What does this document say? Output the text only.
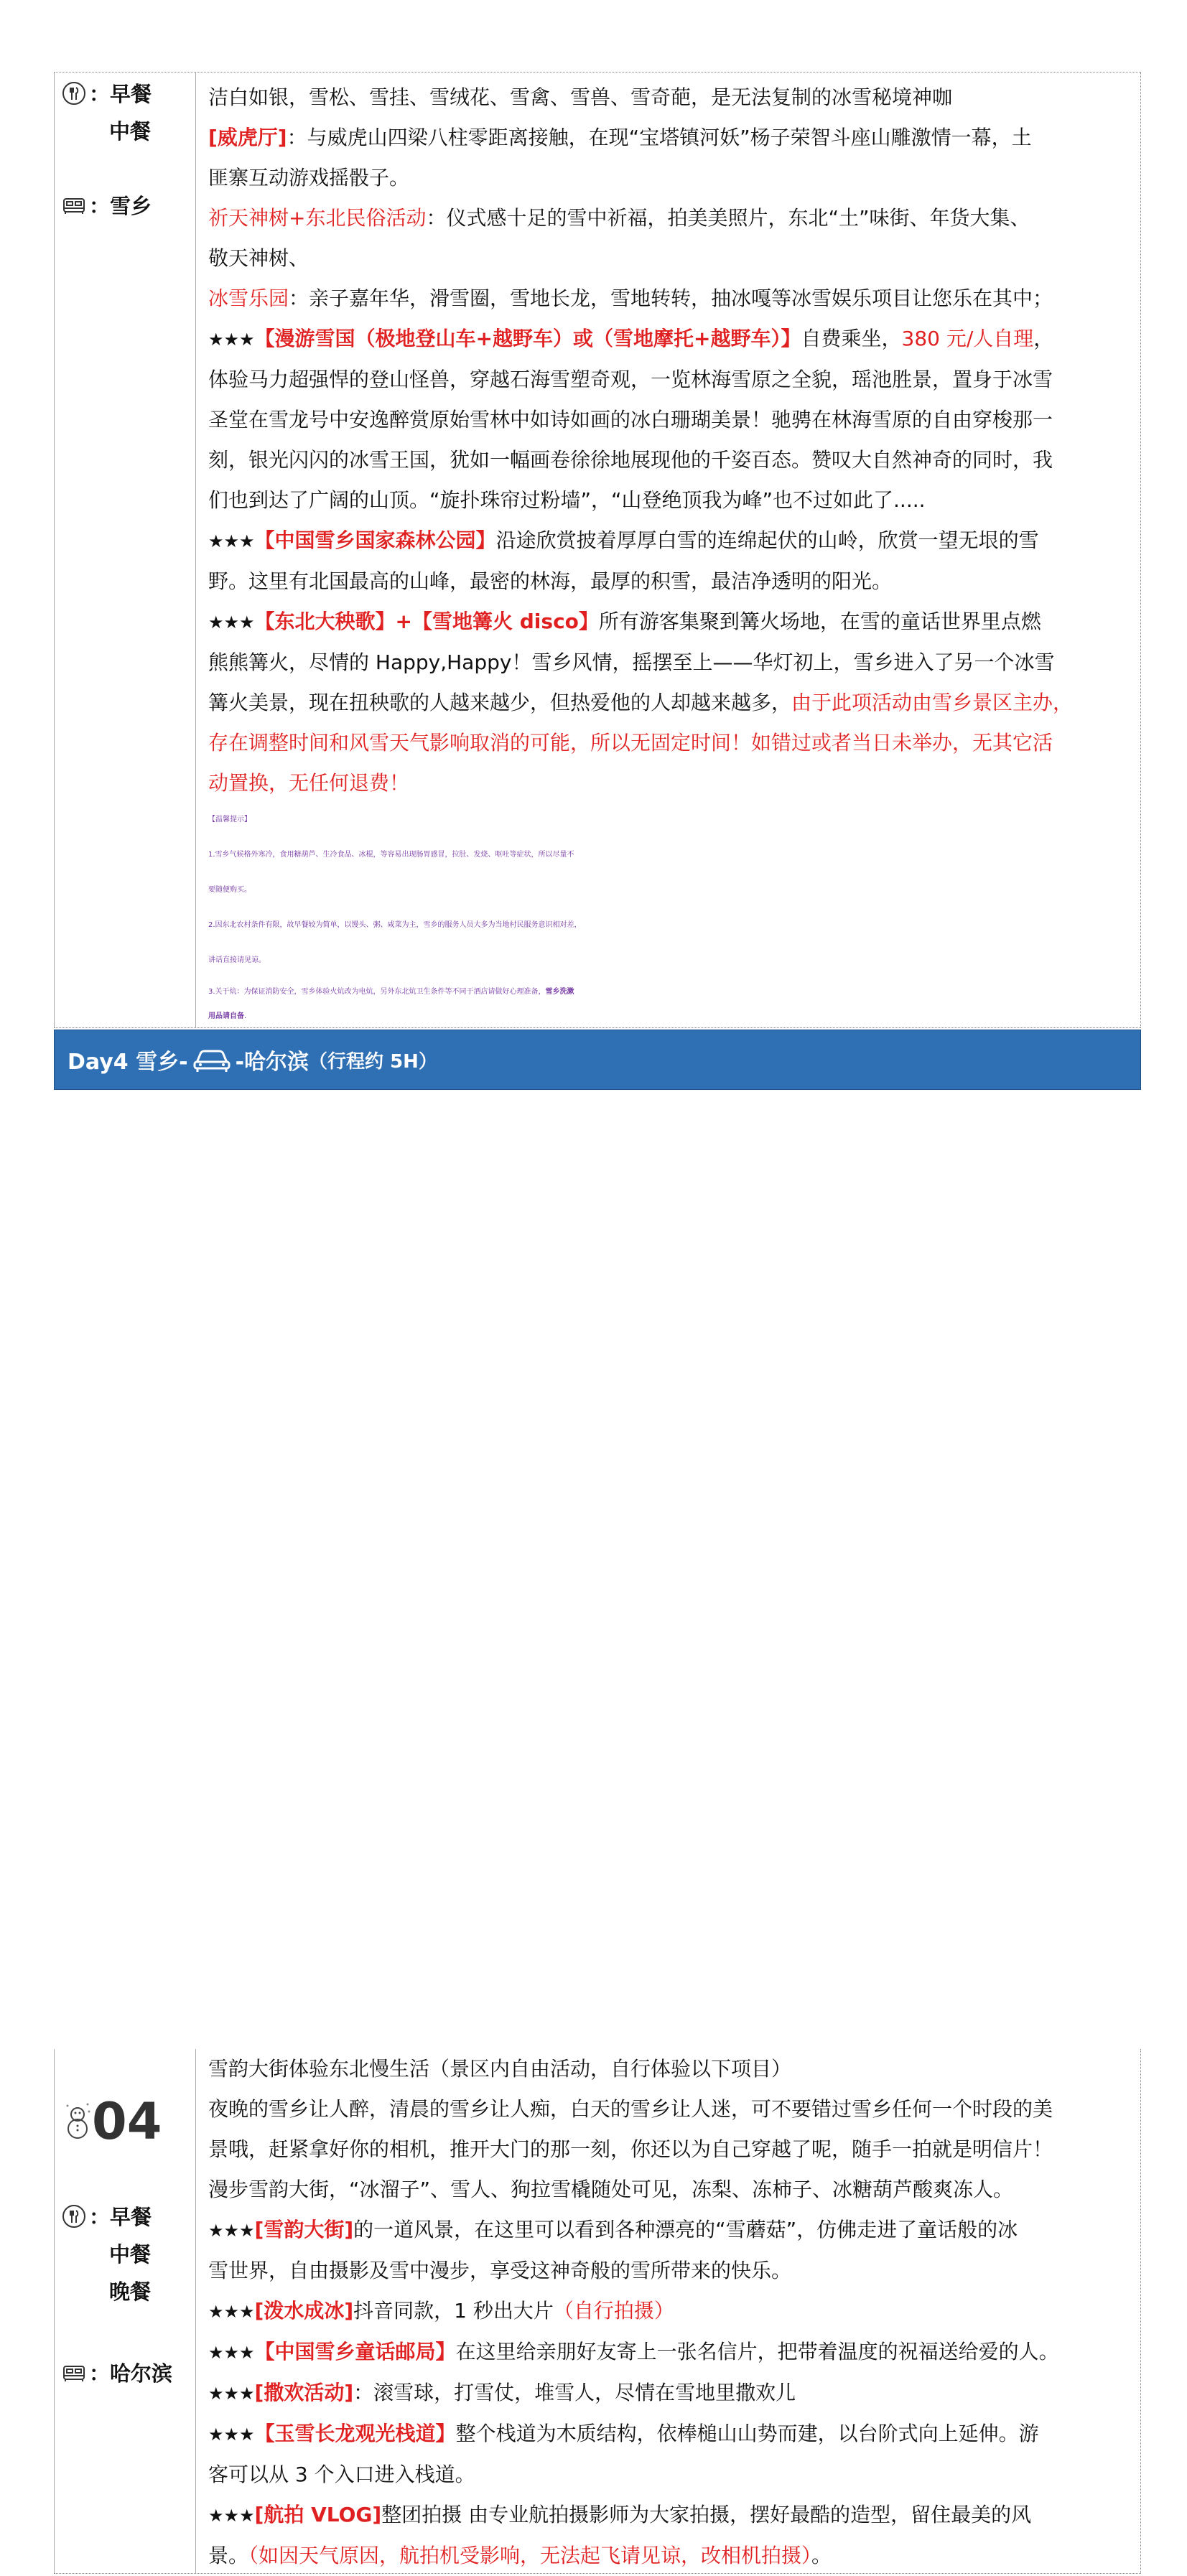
：早餐
中餐
：雪乡

洁白如银，雪松、雪挂、雪绒花、雪禽、雪兽、雪奇葩，是无法复制的冰雪秘境神咖

[威虎厅]：与威虎山四梁八柱零距离接触，在现“宝塔镇河妖”杨子荣智斗座山雕激情一幕，土

匪寨互动游戏摇骰子。

祈天神树+东北民俗活动：仪式感十足的雪中祈福，拍美美照片，东北“土”味街、年货大集、

敬天神树、

冰雪乐园：亲子嘉年华，滑雪圈，雪地长龙，雪地转转，抽冰嘎等冰雪娱乐项目让您乐在其中；

★★★【漫游雪国（极地登山车+越野车）或（雪地摩托+越野车）】自费乘坐，380 元/人自理，

体验马力超强悍的登山怪兽，穿越石海雪塑奇观，一览林海雪原之全貌，瑶池胜景，置身于冰雪

圣堂在雪龙号中安逸醉赏原始雪林中如诗如画的冰白珊瑚美景！驰骋在林海雪原的自由穿梭那一

刻，银光闪闪的冰雪王国，犹如一幅画卷徐徐地展现他的千姿百态。赞叹大自然神奇的同时，我

们也到达了广阔的山顶。“旋扑珠帘过粉墙”，“山登绝顶我为峰”也不过如此了.....

★★★【中国雪乡国家森林公园】沿途欣赏披着厚厚白雪的连绵起伏的山岭，欣赏一望无垠的雪

野。这里有北国最高的山峰，最密的林海，最厚的积雪，最洁净透明的阳光。

★★★【东北大秧歌】+【雪地篝火 disco】所有游客集聚到篝火场地，在雪的童话世界里点燃

熊熊篝火，尽情的 Happy,Happy！雪乡风情，摇摆至上——华灯初上，雪乡进入了另一个冰雪

篝火美景，现在扭秧歌的人越来越少，但热爱他的人却越来越多，由于此项活动由雪乡景区主办，

存在调整时间和风雪天气影响取消的可能，所以无固定时间！如错过或者当日未举办，无其它活

动置换，无任何退费！

【温馨提示】

1.雪乡气候格外寒冷，食用糖葫芦、生冷食品、冰棍，等容易出现肠胃感冒，拉肚、发烧、呕吐等症状，所以尽量不

要随便购买。

2.因东北农村条件有限，故早餐较为简单，以馒头、粥、咸菜为主，雪乡的服务人员大多为当地村民服务意识相对差，

讲话直接请见谅。

3.关于炕：为保证消防安全，雪乡体验火炕改为电炕，另外东北炕卫生条件等不同于酒店请做好心理准备，雪乡洗漱

用品请自备.

Day4 雪乡- -哈尔滨 （行程约 5H）
04
：早餐
中餐
晚餐
：哈尔滨

雪韵大街体验东北慢生活（景区内自由活动，自行体验以下项目）

夜晚的雪乡让人醉，清晨的雪乡让人痴，白天的雪乡让人迷，可不要错过雪乡任何一个时段的美

景哦，赶紧拿好你的相机，推开大门的那一刻，你还以为自己穿越了呢，随手一拍就是明信片！

漫步雪韵大街，“冰溜子”、雪人、狗拉雪橇随处可见，冻梨、冻柿子、冰糖葫芦酸爽冻人。

★★★[雪韵大街]的一道风景，在这里可以看到各种漂亮的“雪蘑菇”，仿佛走进了童话般的冰

雪世界，自由摄影及雪中漫步，享受这神奇般的雪所带来的快乐。

★★★[泼水成冰]抖音同款，1 秒出大片（自行拍摄）

★★★【中国雪乡童话邮局】在这里给亲朋好友寄上一张名信片，把带着温度的祝福送给爱的人。

★★★[撒欢活动]：滚雪球，打雪仗，堆雪人，尽情在雪地里撒欢儿

★★★【玉雪长龙观光栈道】整个栈道为木质结构，依棒槌山山势而建，以台阶式向上延伸。游

客可以从 3 个入口进入栈道。

★★★[航拍 VLOG]整团拍摄 由专业航拍摄影师为大家拍摄，摆好最酷的造型，留住最美的风

景。（如因天气原因，航拍机受影响，无法起飞请见谅，改相机拍摄）。
